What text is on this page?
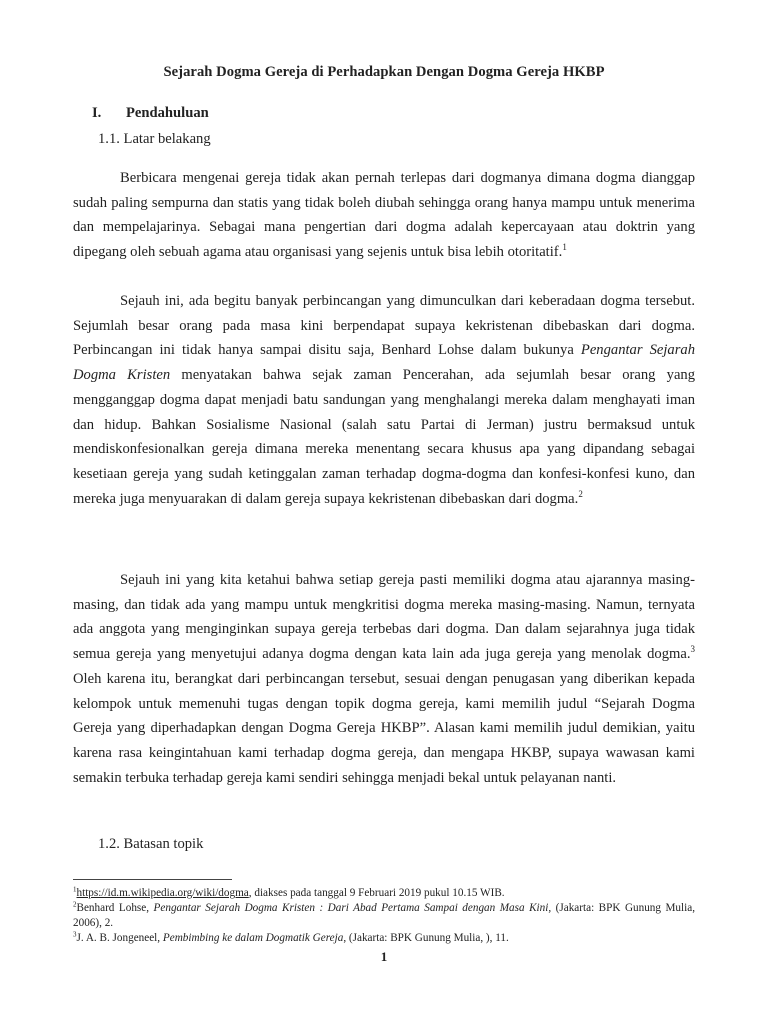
Sejarah Dogma Gereja di Perhadapkan Dengan Dogma Gereja HKBP
I. Pendahuluan
1.1. Latar belakang

Berbicara mengenai gereja tidak akan pernah terlepas dari dogmanya dimana dogma dianggap sudah paling sempurna dan statis yang tidak boleh diubah sehingga orang hanya mampu untuk menerima dan mempelajarinya. Sebagai mana pengertian dari dogma adalah kepercayaan atau doktrin yang dipegang oleh sebuah agama atau organisasi yang sejenis untuk bisa lebih otoritatif.$^1$

Sejauh ini, ada begitu banyak perbincangan yang dimunculkan dari keberadaan dogma tersebut. Sejumlah besar orang pada masa kini berpendapat supaya kekristenan dibebaskan dari dogma. Perbincangan ini tidak hanya sampai disitu saja, Benhard Lohse dalam bukunya Pengantar Sejarah Dogma Kristen menyatakan bahwa sejak zaman Pencerahan, ada sejumlah besar orang yang mengganggap dogma dapat menjadi batu sandungan yang menghalangi mereka dalam menghayati iman dan hidup. Bahkan Sosialisme Nasional (salah satu Partai di Jerman) justru bermaksud untuk mendiskonfesionalkan gereja dimana mereka menentang secara khusus apa yang dipandang sebagai kesetiaan gereja yang sudah ketinggalan zaman terhadap dogma-dogma dan konfesi-konfesi kuno, dan mereka juga menyuarakan di dalam gereja supaya kekristenan dibebaskan dari dogma.$^2$

Sejauh ini yang kita ketahui bahwa setiap gereja pasti memiliki dogma atau ajarannya masing-masing, dan tidak ada yang mampu untuk mengkritisi dogma mereka masing-masing. Namun, ternyata ada anggota yang menginginkan supaya gereja terbebas dari dogma. Dan dalam sejarahnya juga tidak semua gereja yang menyetujui adanya dogma dengan kata lain ada juga gereja yang menolak dogma.$^3$ Oleh karena itu, berangkat dari perbincangan tersebut, sesuai dengan penugasan yang diberikan kepada kelompok untuk memenuhi tugas dengan topik dogma gereja, kami memilih judul “Sejarah Dogma Gereja yang diperhadapkan dengan Dogma Gereja HKBP”. Alasan kami memilih judul demikian, yaitu karena rasa keingintahuan kami terhadap dogma gereja, dan mengapa HKBP, supaya wawasan kami semakin terbuka terhadap gereja kami sendiri sehingga menjadi bekal untuk pelayanan nanti.

1.2. Batasan topik
$^1$https://id.m.wikipedia.org/wiki/dogma, diakses pada tanggal 9 Februari 2019 pukul 10.15 WIB.
$^2$Benhard Lohse, Pengantar Sejarah Dogma Kristen : Dari Abad Pertama Sampai dengan Masa Kini, (Jakarta: BPK Gunung Mulia, 2006), 2.
$^3$J. A. B. Jongeneel, Pembimbing ke dalam Dogmatik Gereja, (Jakarta: BPK Gunung Mulia, ), 11.
1
